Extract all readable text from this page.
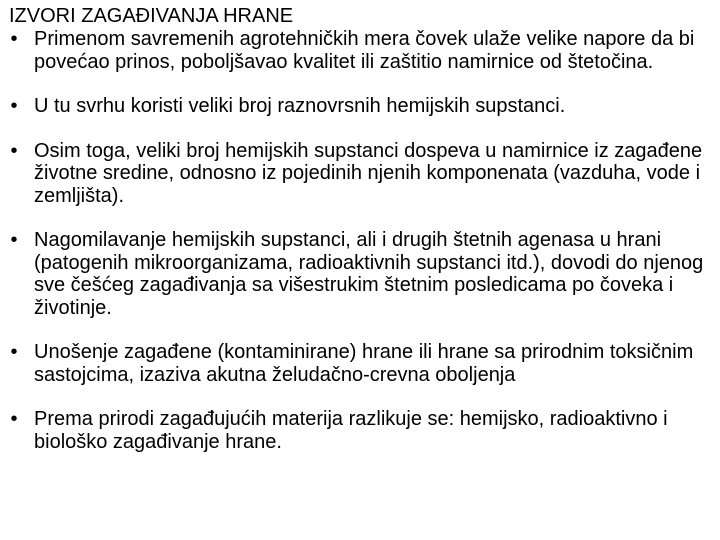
IZVORI ZAGAĐIVANJA HRANE
• Primenom savremenih agrotehničkih mera čovek ulaže velike napore da bi povećao prinos, poboljšavao kvalitet ili zaštitio namirnice od štetočina.
• U tu svrhu koristi veliki broj raznovrsnih hemijskih supstanci.
• Osim toga, veliki broj hemijskih supstanci dospeva u namirnice iz zagađene životne sredine, odnosno iz pojedinih njenih komponenata (vazduha, vode i zemljišta).
• Nagomilavanje hemijskih supstanci, ali i drugih štetnih agenasa u hrani (patogenih mikroorganizama, radioaktivnih supstanci itd.), dovodi do njenog sve češćeg zagađivanja sa višestrukim štetnim posledicama po čoveka i životinje.
• Unošenje zagađene (kontaminirane) hrane ili hrane sa prirodnim toksičnim sastojcima, izaziva akutna želudačno-crevna oboljenja
• Prema prirodi zagađujućih materija razlikuje se: hemijsko, radioaktivno i biološko zagađivanje hrane.
